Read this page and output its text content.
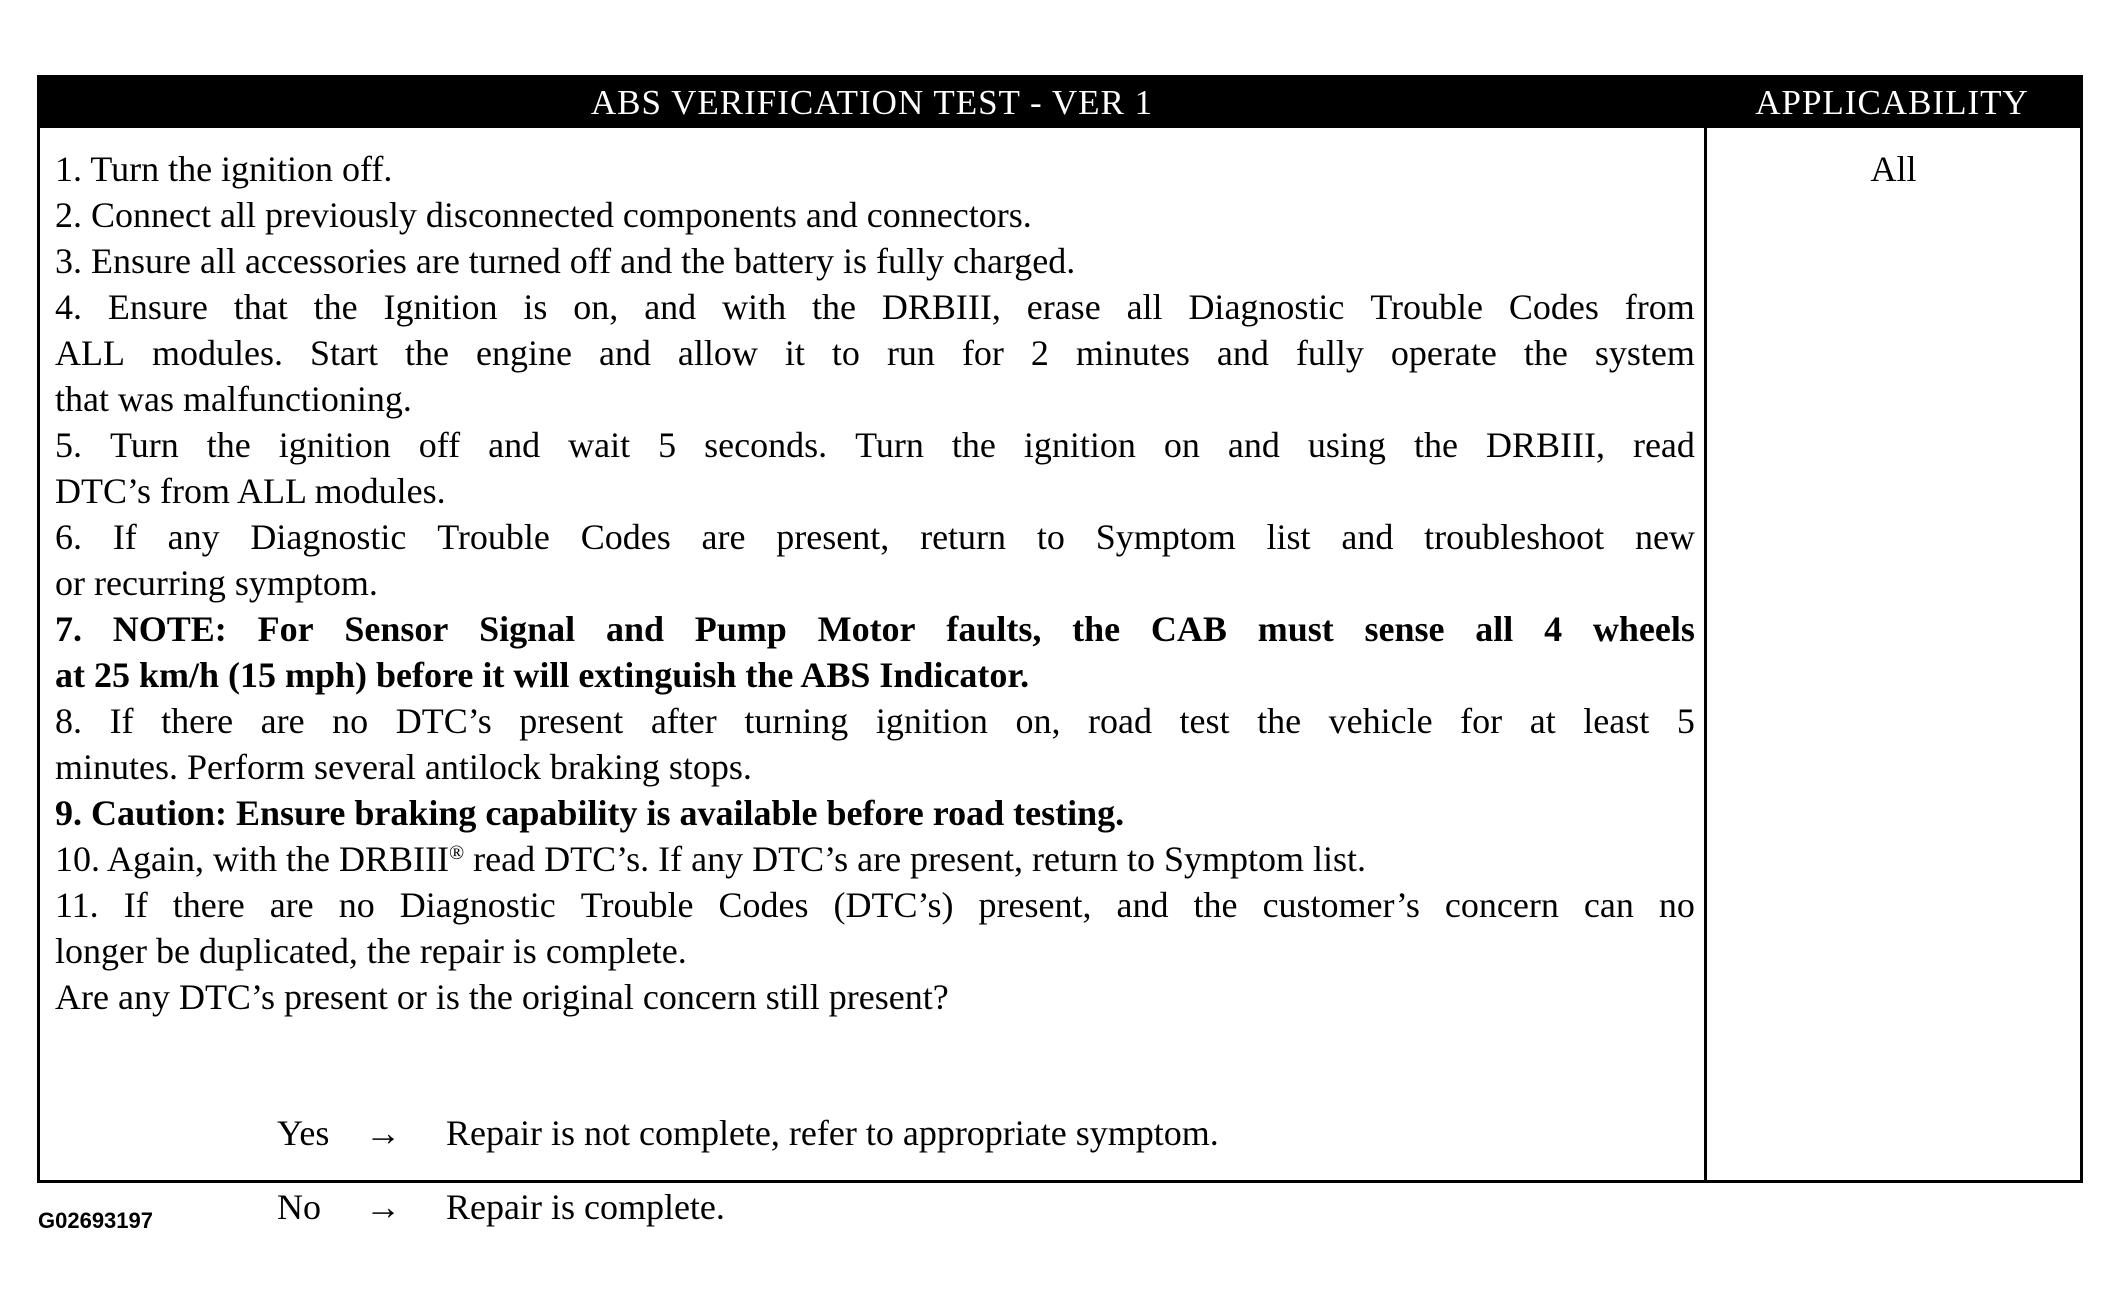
ABS VERIFICATION TEST - VER 1	APPLICABILITY
1. Turn the ignition off.
2. Connect all previously disconnected components and connectors.
3. Ensure all accessories are turned off and the battery is fully charged.
4. Ensure that the Ignition is on, and with the DRBIII, erase all Diagnostic Trouble Codes from
ALL modules. Start the engine and allow it to run for 2 minutes and fully operate the system
that was malfunctioning.
5. Turn the ignition off and wait 5 seconds. Turn the ignition on and using the DRBIII, read
DTC’s from ALL modules.
6. If any Diagnostic Trouble Codes are present, return to Symptom list and troubleshoot new
or recurring symptom.
7. NOTE: For Sensor Signal and Pump Motor faults, the CAB must sense all 4 wheels
at 25 km/h (15 mph) before it will extinguish the ABS Indicator.
8. If there are no DTC’s present after turning ignition on, road test the vehicle for at least 5
minutes. Perform several antilock braking stops.
9. Caution: Ensure braking capability is available before road testing.
10. Again, with the DRBIII® read DTC’s. If any DTC’s are present, return to Symptom list.
11. If there are no Diagnostic Trouble Codes (DTC’s) present, and the customer’s concern can no
longer be duplicated, the repair is complete.
Are any DTC’s present or is the original concern still present?
Yes → Repair is not complete, refer to appropriate symptom.
No → Repair is complete.
All
G02693197
